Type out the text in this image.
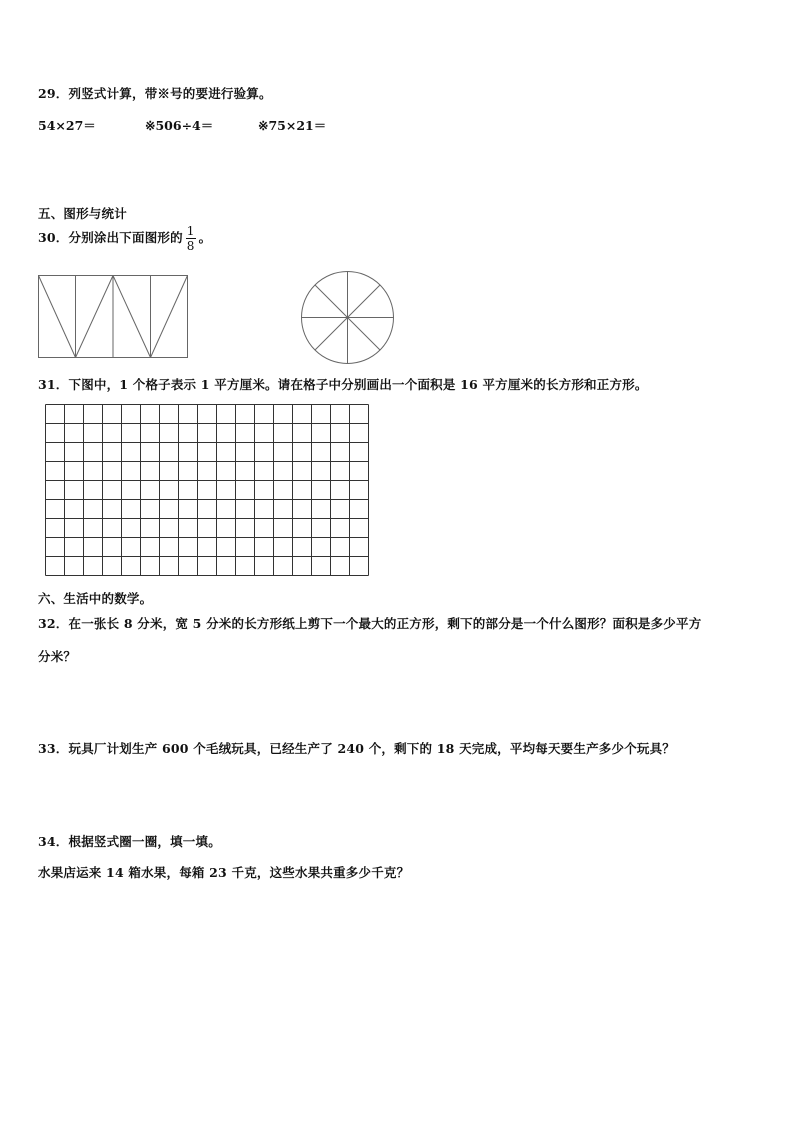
29．列竖式计算，带※号的要进行验算。
54×27＝	※506÷4＝	※75×21＝
五、图形与统计
30．分别涂出下面图形的 $\frac{1}{8}$ 。
31．下图中，1 个格子表示 1 平方厘米。请在格子中分别画出一个面积是 16 平方厘米的长方形和正方形。
六、生活中的数学。
32．在一张长 8 分米，宽 5 分米的长方形纸上剪下一个最大的正方形，剩下的部分是一个什么图形？面积是多少平方
分米？
33．玩具厂计划生产 600 个毛绒玩具，已经生产了 240 个，剩下的 18 天完成，平均每天要生产多少个玩具？
34．根据竖式圈一圈，填一填。
水果店运来 14 箱水果，每箱 23 千克，这些水果共重多少千克？
